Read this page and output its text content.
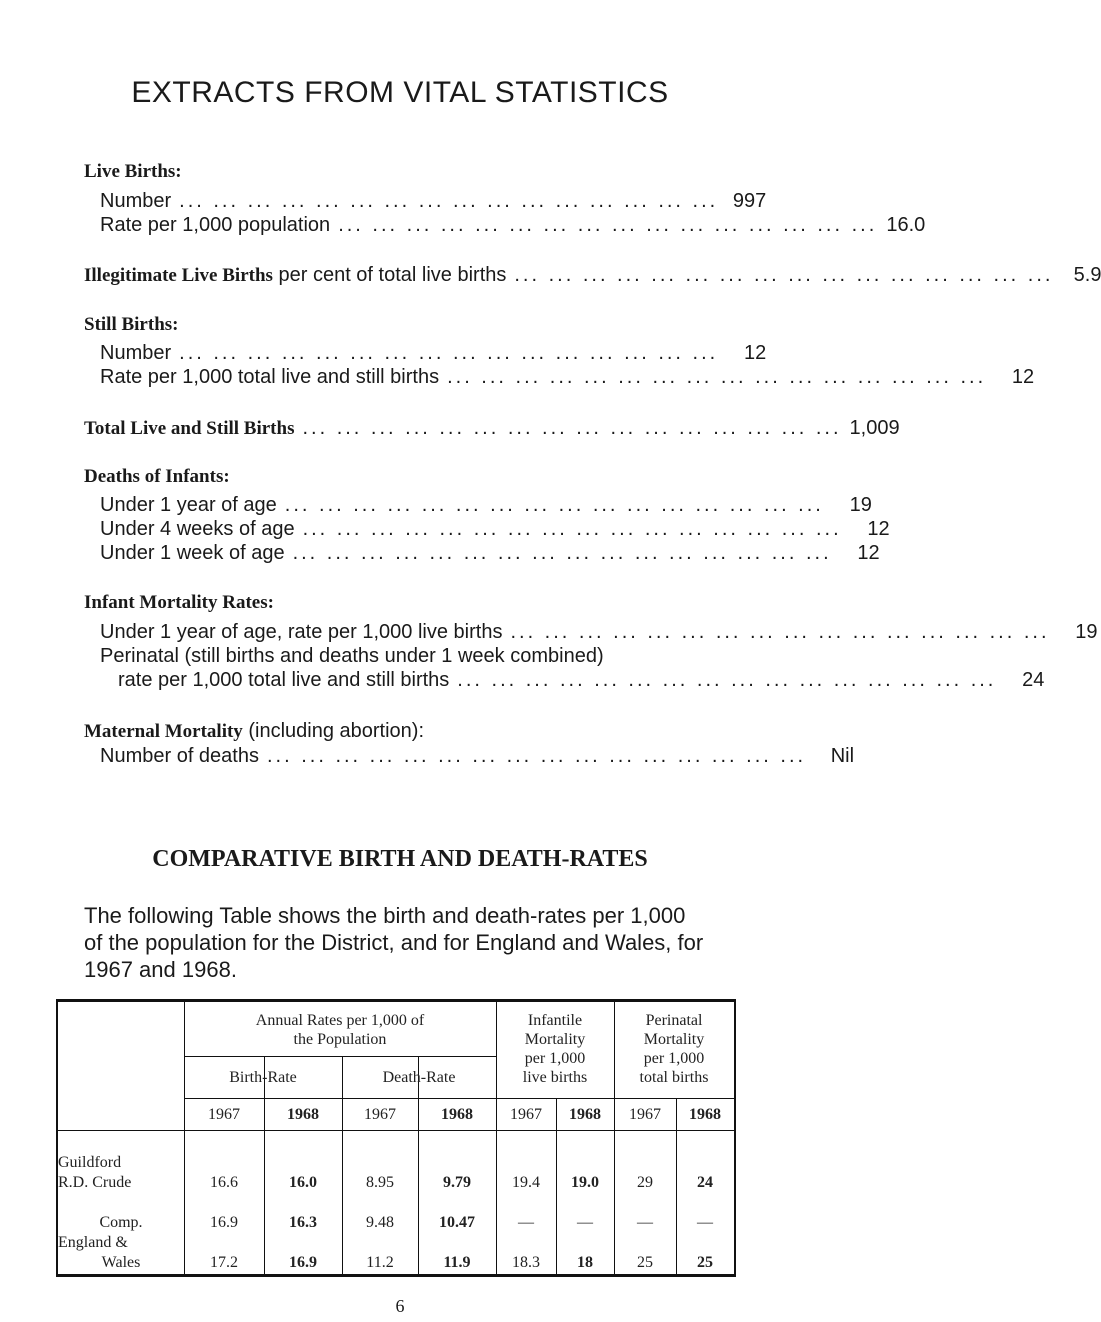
EXTRACTS FROM VITAL STATISTICS
Live Births:
Number ... ... ... ... ... ... ... ... ... ... ... ... ... ... ... ... 997
Rate per 1,000 population ... ... ... ... ... ... ... ... ... ... ... ... ... ... ... ... 16.0
Illegitimate Live Births per cent of total live births ... ... ... ... ... ... ... ... ... ... ... ... ... ... ... ...	5.9
Still Births:
Number ... ... ... ... ... ... ... ... ... ... ... ... ... ... ... ...	12
Rate per 1,000 total live and still births ... ... ... ... ... ... ... ... ... ... ... ... ... ... ... ...	12
Total Live and Still Births ... ... ... ... ... ... ... ... ... ... ... ... ... ... ... ... 1,009
Deaths of Infants:
Under 1 year of age ... ... ... ... ... ... ... ... ... ... ... ... ... ... ... ...	19
Under 4 weeks of age ... ... ... ... ... ... ... ... ... ... ... ... ... ... ... ...	12
Under 1 week of age ... ... ... ... ... ... ... ... ... ... ... ... ... ... ... ...	12
Infant Mortality Rates:
Under 1 year of age, rate per 1,000 live births ... ... ... ... ... ... ... ... ... ... ... ... ... ... ... ...	19
Perinatal (still births and deaths under 1 week combined)
rate per 1,000 total live and still births ... ... ... ... ... ... ... ... ... ... ... ... ... ... ... ...	24
Maternal Mortality (including abortion):
Number of deaths ... ... ... ... ... ... ... ... ... ... ... ... ... ... ... ...	Nil
COMPARATIVE BIRTH AND DEATH-RATES
The following Table shows the birth and death-rates per 1,000
of the population for the District, and for England and Wales, for
1967 and 1968.
Annual Rates per 1,000 of
the Population
Infantile
Mortality
per 1,000
live births
Perinatal
Mortality
per 1,000
total births
Birth-Rate	Death-Rate
1967	1968	1967	1968	1967	1968	1967	1968
Guildford
R.D. Crude	16.6	16.0	8.95	9.79	19.4	19.0	29	24
Comp.	16.9	16.3	9.48	10.47	—	—	—	—
England &
Wales	17.2	16.9	11.2	11.9	18.3	18	25	25
6
